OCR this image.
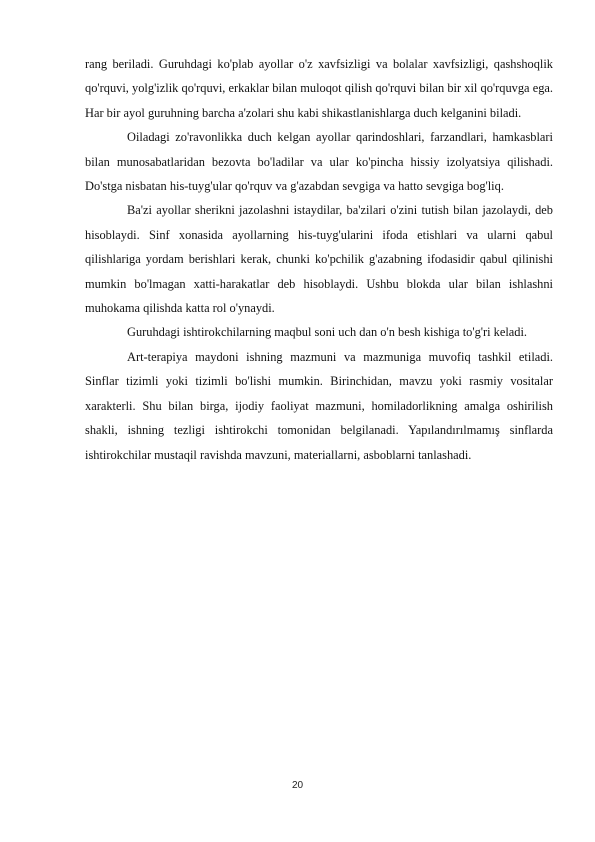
rang beriladi. Guruhdagi ko'plab ayollar o'z xavfsizligi va bolalar xavfsizligi, qashshoqlik qo'rquvi, yolg'izlik qo'rquvi, erkaklar bilan muloqot qilish qo'rquvi bilan bir xil qo'rquvga ega. Har bir ayol guruhning barcha a'zolari shu kabi shikastlanishlarga duch kelganini biladi.

Oiladagi zo'ravonlikka duch kelgan ayollar qarindoshlari, farzandlari, hamkasblari bilan munosabatlaridan bezovta bo'ladilar va ular ko'pincha hissiy izolyatsiya qilishadi. Do'stga nisbatan his-tuyg'ular qo'rquv va g'azabdan sevgiga va hatto sevgiga bog'liq.

Ba'zi ayollar sherikni jazolashni istaydilar, ba'zilari o'zini tutish bilan jazolaydi, deb hisoblaydi. Sinf xonasida ayollarning his-tuyg'ularini ifoda etishlari va ularni qabul qilishlariga yordam berishlari kerak, chunki ko'pchilik g'azabning ifodasidir qabul qilinishi mumkin bo'lmagan xatti-harakatlar deb hisoblaydi. Ushbu blokda ular bilan ishlashni muhokama qilishda katta rol o'ynaydi.

Guruhdagi ishtirokchilarning maqbul soni uch dan o'n besh kishiga to'g'ri keladi.

Art-terapiya maydoni ishning mazmuni va mazmuniga muvofiq tashkil etiladi. Sinflar tizimli yoki tizimli bo'lishi mumkin. Birinchidan, mavzu yoki rasmiy vositalar xarakterli. Shu bilan birga, ijodiy faoliyat mazmuni, homiladorlikning amalga oshirilish shakli, ishning tezligi ishtirokchi tomonidan belgilanadi. Yapılandırılmamış sinflarda ishtirokchilar mustaqil ravishda mavzuni, materiallarni, asboblarni tanlashadi.

20
